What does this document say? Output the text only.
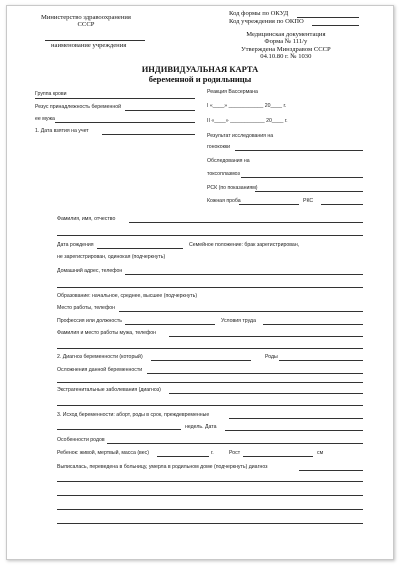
Министерство здравоохранения
СССР
наименование учреждения
Код формы по ОКУД
Код учреждения по ОКПО
Медицинская документация
Форма № 111/у
Утверждена Минздравом СССР
04.10.80 г. № 1030
ИНДИВИДУАЛЬНАЯ КАРТА
беременной и родильницы
Группа крови
Резус принадлежность беременной
ее мужа
1. Дата взятия на учет
Реакция Вассермана
I «____» ____________ 20____ г.
II «____» ____________ 20____ г.
Результат исследования на
гонококки
Обследования на
токсоплазмоз
РСК (по показаниям)
Кожная проба	РКС
Фамилия, имя, отчество
Дата рождения	Семейное положение: брак зарегистрирован,
не зарегистрирован, одинокая (подчеркнуть)
Домашний адрес, телефон
Образование: начальное, среднее, высшее (подчеркнуть)
Место работы, телефон
Профессия или должность	Условия труда
Фамилия и место работы мужа, телефон
2. Диагноз беременности (который)	Роды
Осложнения данной беременности
Экстрагенитальные заболевания (диагноз)
3. Исход беременности: аборт, роды в срок, преждевременные
недель. Дата
Особенности родов
Ребенок: живой, мертвый, масса (вес)	г.	Рост	см
Выписалась, переведена в больницу, умерла в родильном доме (подчеркнуть) диагноз
